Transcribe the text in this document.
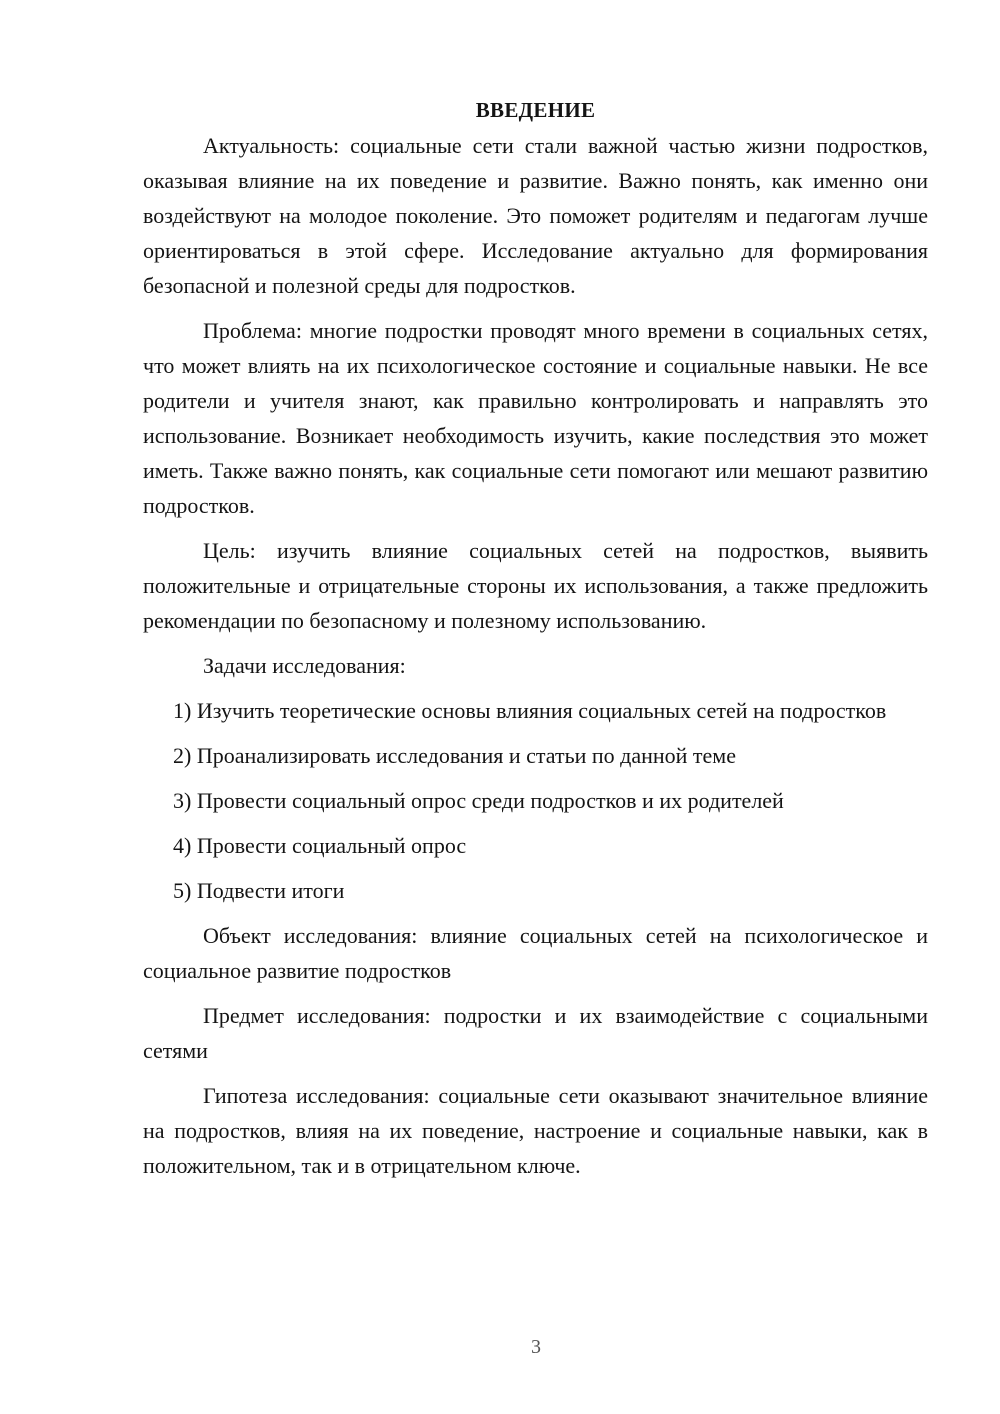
ВВЕДЕНИЕ

Актуальность: социальные сети стали важной частью жизни подростков, оказывая влияние на их поведение и развитие. Важно понять, как именно они воздействуют на молодое поколение. Это поможет родителям и педагогам лучше ориентироваться в этой сфере. Исследование актуально для формирования безопасной и полезной среды для подростков.

Проблема: многие подростки проводят много времени в социальных сетях, что может влиять на их психологическое состояние и социальные навыки. Не все родители и учителя знают, как правильно контролировать и направлять это использование. Возникает необходимость изучить, какие последствия это может иметь. Также важно понять, как социальные сети помогают или мешают развитию подростков.

Цель: изучить влияние социальных сетей на подростков, выявить положительные и отрицательные стороны их использования, а также предложить рекомендации по безопасному и полезному использованию.

Задачи исследования:

1) Изучить теоретические основы влияния социальных сетей на подростков

2) Проанализировать исследования и статьи по данной теме

3) Провести социальный опрос среди подростков и их родителей

4) Провести социальный опрос

5) Подвести итоги

Объект исследования: влияние социальных сетей на психологическое и социальное развитие подростков

Предмет исследования: подростки и их взаимодействие с социальными сетями

Гипотеза исследования: социальные сети оказывают значительное влияние на подростков, влияя на их поведение, настроение и социальные навыки, как в положительном, так и в отрицательном ключе.

3
